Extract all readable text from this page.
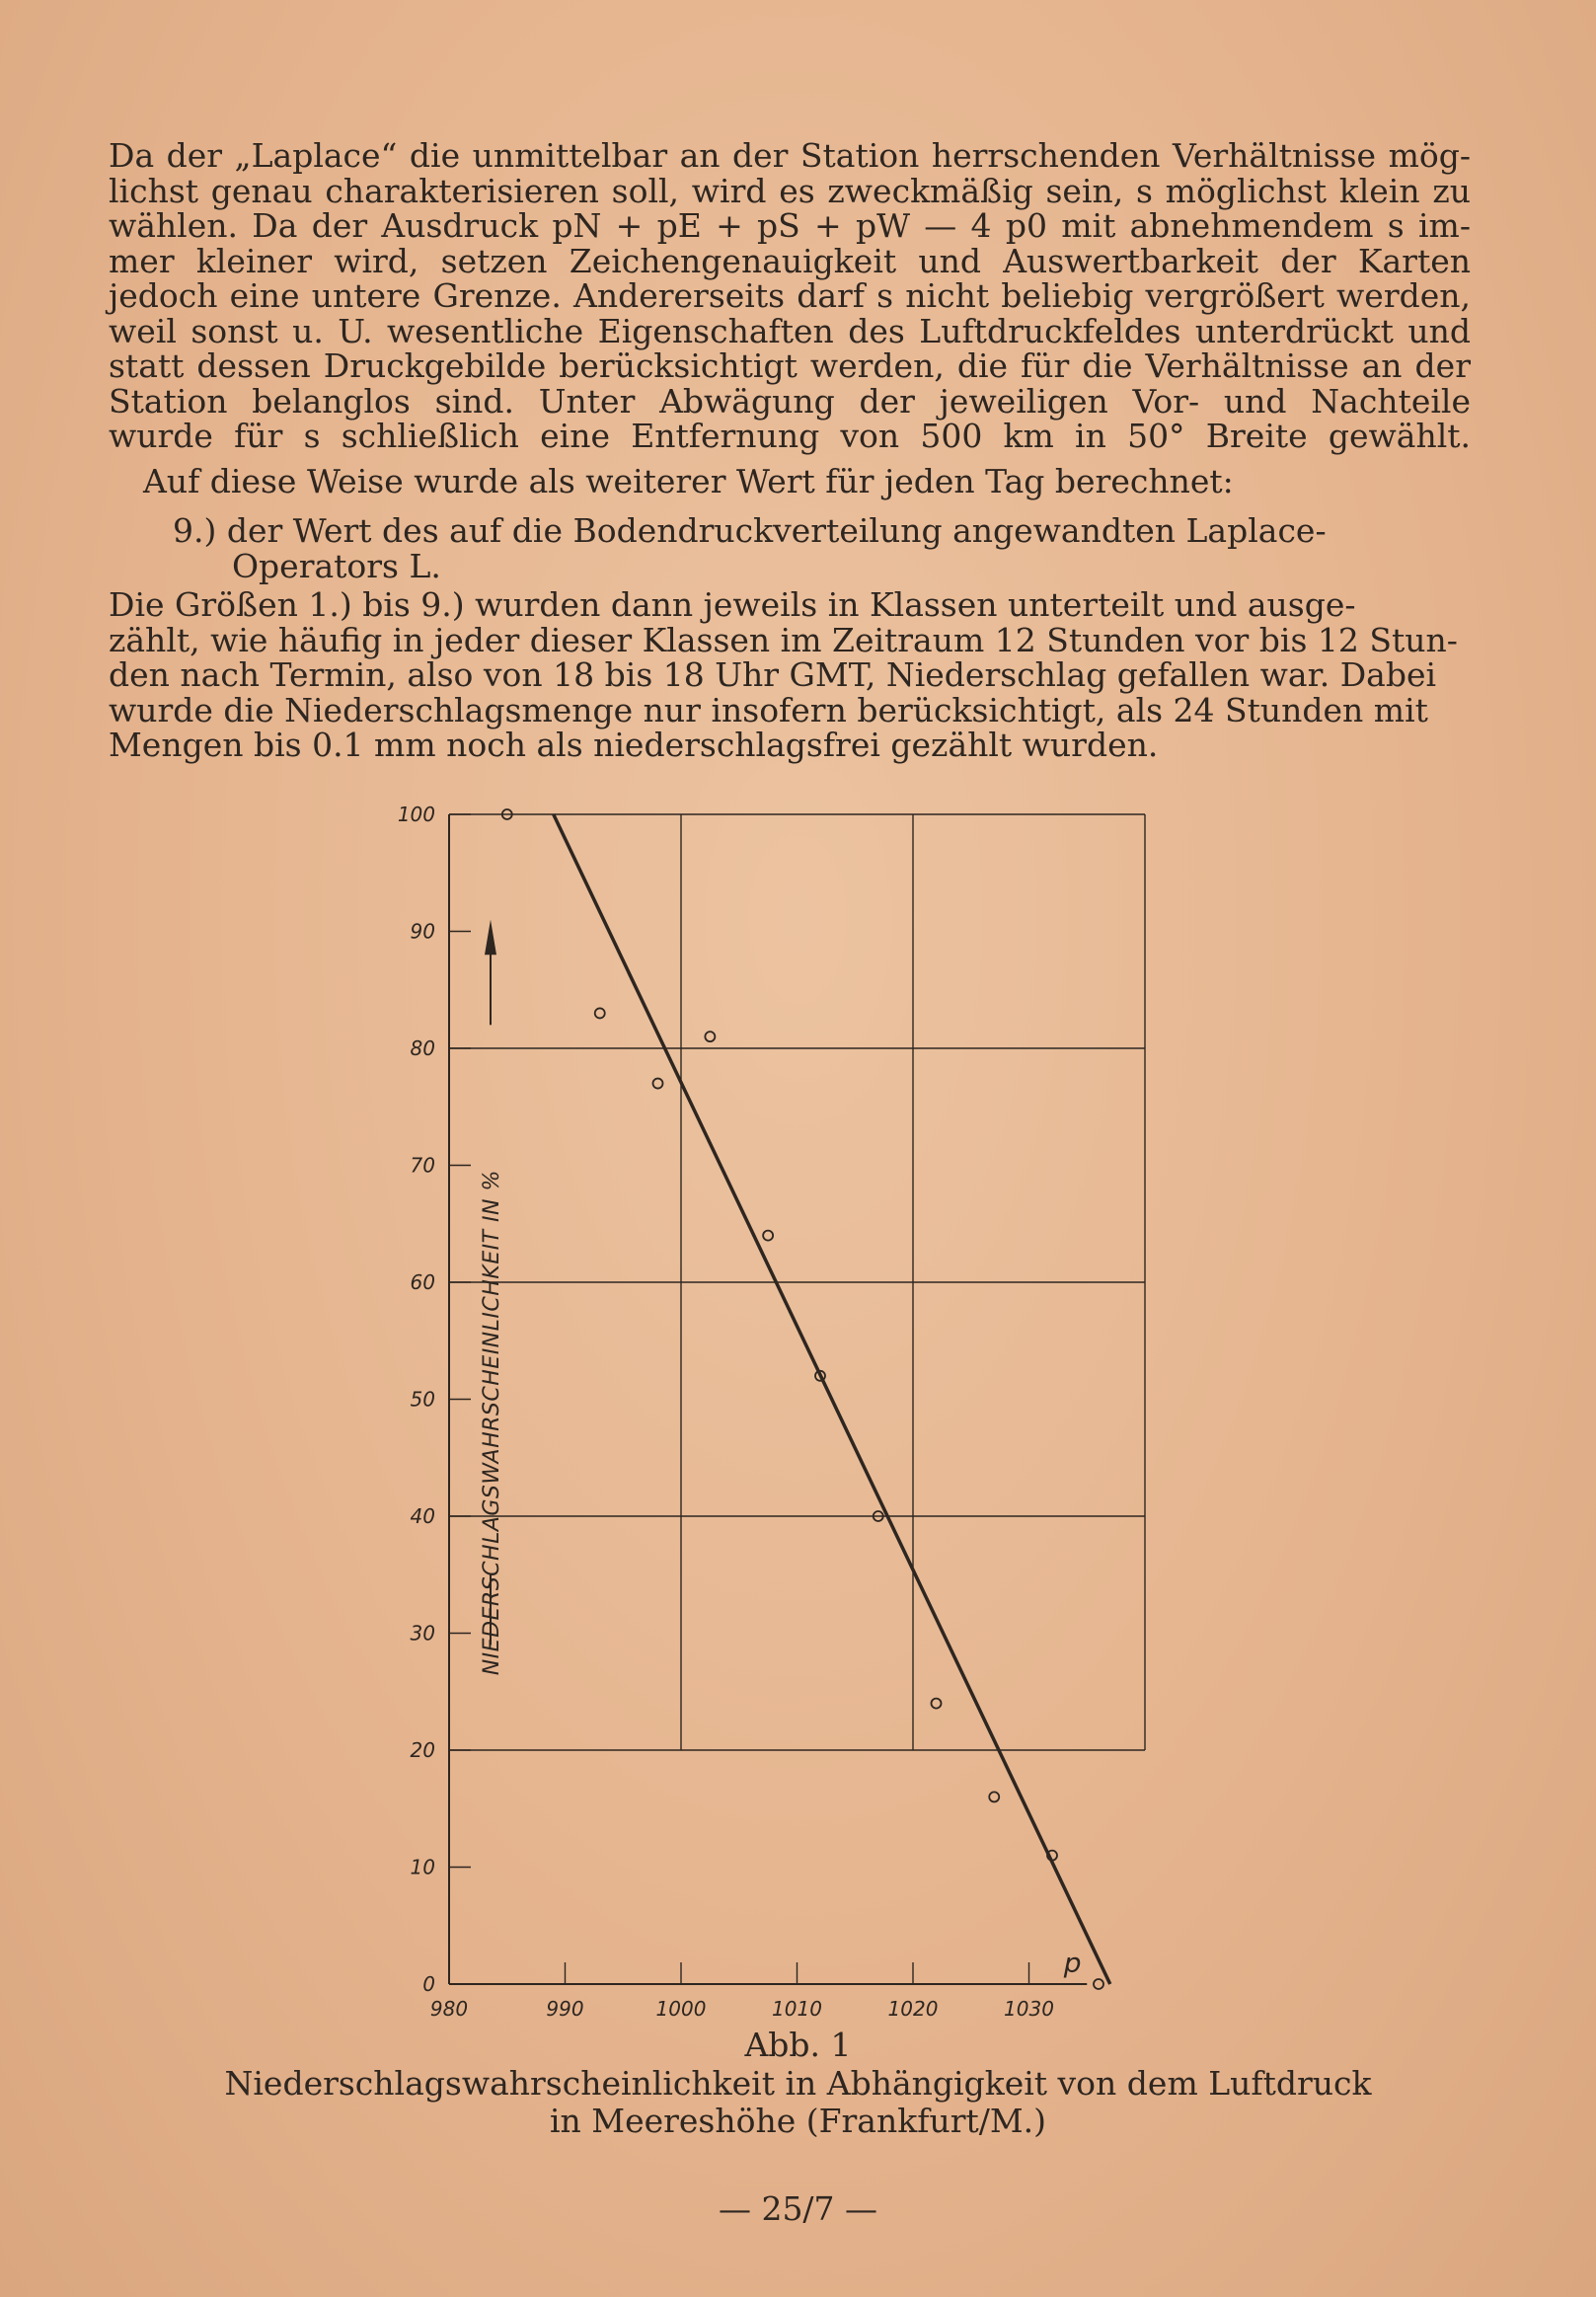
Da der „Laplace“ die unmittelbar an der Station herrschenden Verhältnisse mög-
lichst genau charakterisieren soll, wird es zweckmäßig sein, s möglichst klein zu
wählen. Da der Ausdruck pN + pE + pS + pW — 4 p0 mit abnehmendem s im-
mer kleiner wird, setzen Zeichengenauigkeit und Auswertbarkeit der Karten
jedoch eine untere Grenze. Andererseits darf s nicht beliebig vergrößert werden,
weil sonst u. U. wesentliche Eigenschaften des Luftdruckfeldes unterdrückt und
statt dessen Druckgebilde berücksichtigt werden, die für die Verhältnisse an der
Station belanglos sind. Unter Abwägung der jeweiligen Vor- und Nachteile
wurde für s schließlich eine Entfernung von 500 km in 50° Breite gewählt.
Auf diese Weise wurde als weiterer Wert für jeden Tag berechnet:
9.) der Wert des auf die Bodendruckverteilung angewandten Laplace-
Operators L.
Die Größen 1.) bis 9.) wurden dann jeweils in Klassen unterteilt und ausge-
zählt, wie häufig in jeder dieser Klassen im Zeitraum 12 Stunden vor bis 12 Stun-
den nach Termin, also von 18 bis 18 Uhr GMT, Niederschlag gefallen war. Dabei
wurde die Niederschlagsmenge nur insofern berücksichtigt, als 24 Stunden mit
Mengen bis 0.1 mm noch als niederschlagsfrei gezählt wurden.
0
10
20
30
40
50
60
70
80
90
100
980	990	1000	1010	1020	1030
NIEDERSCHLAGSWAHRSCHEINLICHKEIT IN %
p
Abb. 1
Niederschlagswahrscheinlichkeit in Abhängigkeit von dem Luftdruck
in Meereshöhe (Frankfurt/M.)
— 25/7 —
